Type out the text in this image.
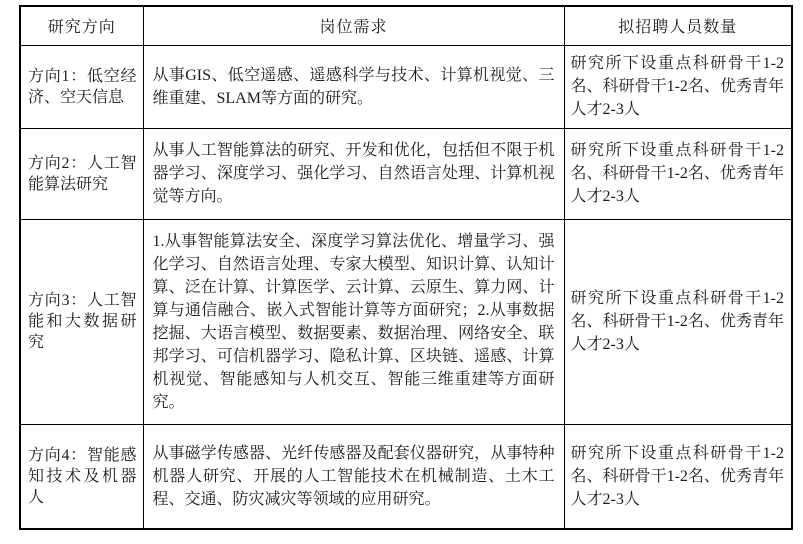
研究方向	岗位需求	拟招聘人员数量
方向1：低空经济、空天信息	从事GIS、低空遥感、遥感科学与技术、计算机视觉、三维重建、SLAM等方面的研究。	研究所下设重点科研骨干1-2名、科研骨干1-2名、优秀青年人才2-3人
方向2：人工智能算法研究	从事人工智能算法的研究、开发和优化，包括但不限于机器学习、深度学习、强化学习、自然语言处理、计算机视觉等方向。	研究所下设重点科研骨干1-2名、科研骨干1-2名、优秀青年人才2-3人
方向3：人工智能和大数据研究	1.从事智能算法安全、深度学习算法优化、增量学习、强化学习、自然语言处理、专家大模型、知识计算、认知计算、泛在计算、计算医学、云计算、云原生、算力网、计算与通信融合、嵌入式智能计算等方面研究；2.从事数据挖掘、大语言模型、数据要素、数据治理、网络安全、联邦学习、可信机器学习、隐私计算、区块链、遥感、计算机视觉、智能感知与人机交互、智能三维重建等方面研究。	研究所下设重点科研骨干1-2名、科研骨干1-2名、优秀青年人才2-3人
方向4：智能感知技术及机器人	从事磁学传感器、光纤传感器及配套仪器研究，从事特种机器人研究、开展的人工智能技术在机械制造、土木工程、交通、防灾减灾等领域的应用研究。	研究所下设重点科研骨干1-2名、科研骨干1-2名、优秀青年人才2-3人
